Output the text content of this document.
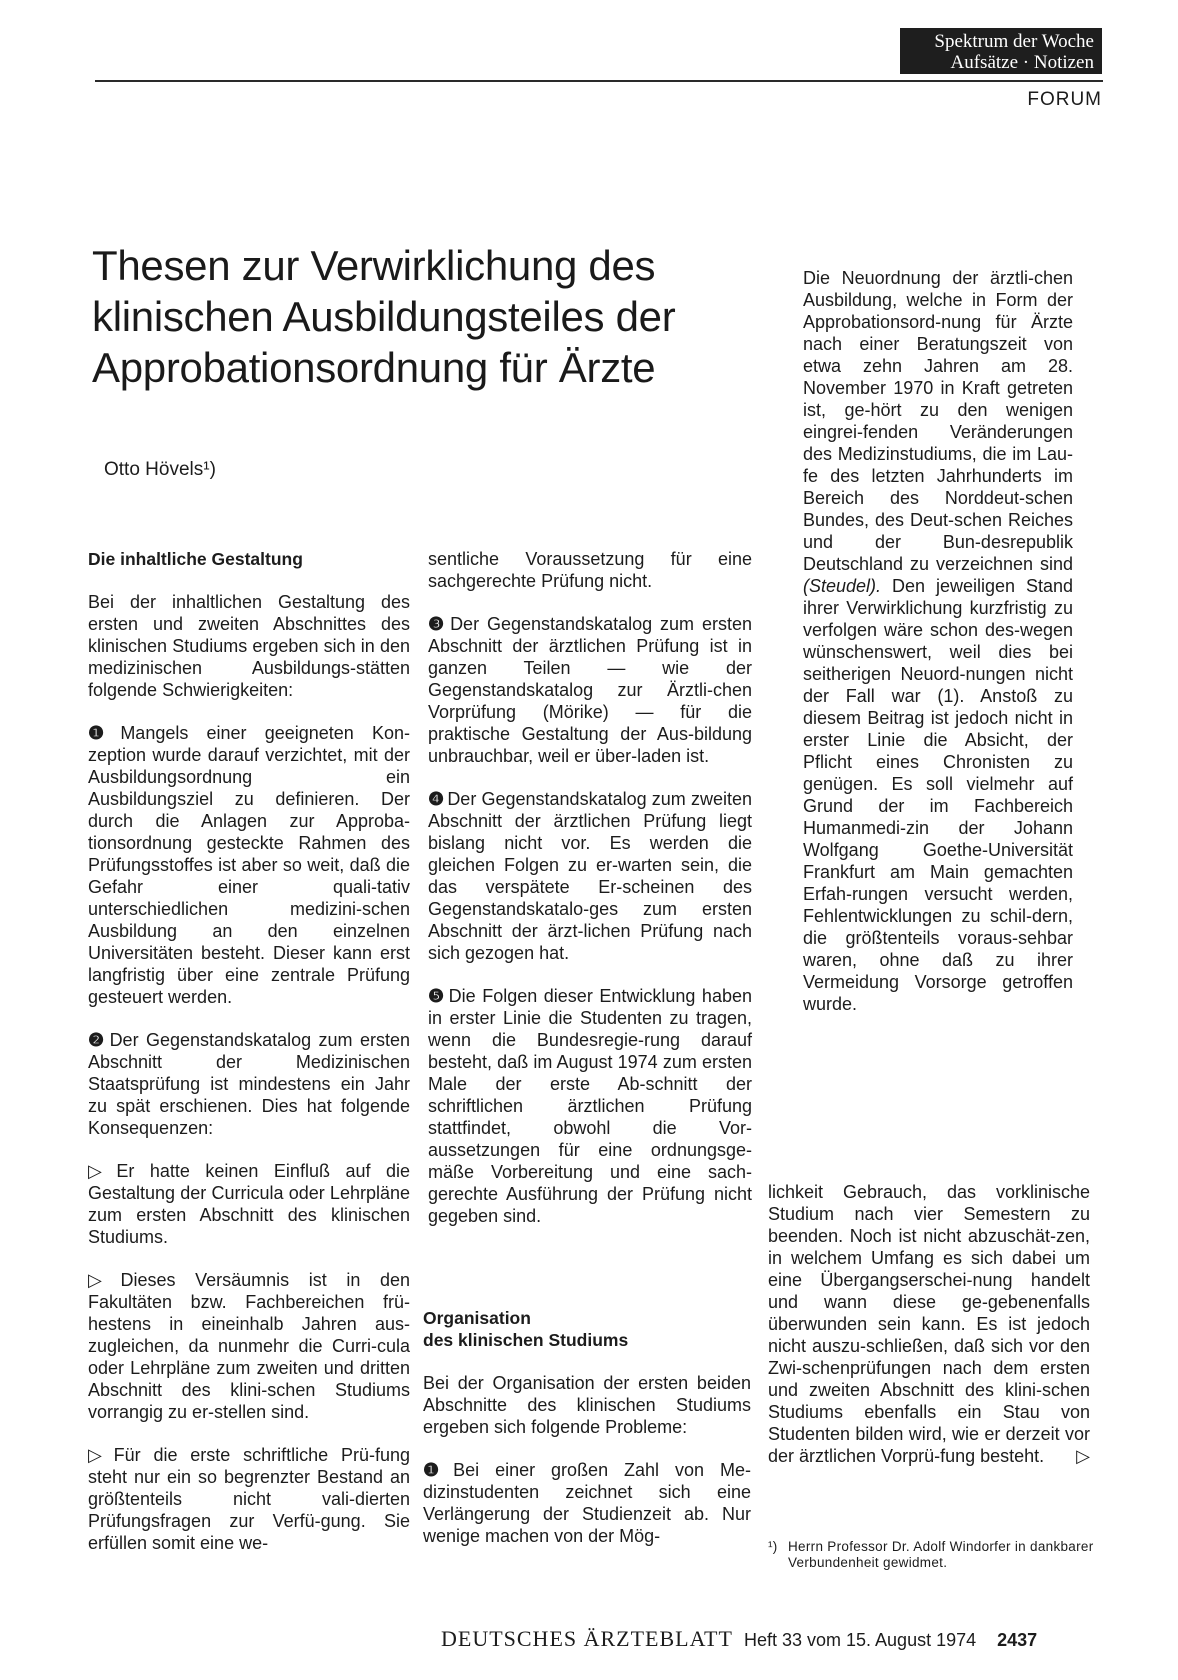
Spektrum der Woche
Aufsätze · Notizen
FORUM
Thesen zur Verwirklichung des
klinischen Ausbildungsteiles der
Approbationsordnung für Ärzte
Otto Hövels¹)
Die inhaltliche Gestaltung

Bei der inhaltlichen Gestaltung des ersten und zweiten Abschnittes des klinischen Studiums ergeben sich in den medizinischen Ausbildungs-stätten folgende Schwierigkeiten:

❶ Mangels einer geeigneten Kon-zeption wurde darauf verzichtet, mit der Ausbildungsordnung ein Ausbildungsziel zu definieren. Der durch die Anlagen zur Approba-tionsordnung gesteckte Rahmen des Prüfungsstoffes ist aber so weit, daß die Gefahr einer quali-tativ unterschiedlichen medizini-schen Ausbildung an den einzelnen Universitäten besteht. Dieser kann erst langfristig über eine zentrale Prüfung gesteuert werden.

❷ Der Gegenstandskatalog zum ersten Abschnitt der Medizinischen Staatsprüfung ist mindestens ein Jahr zu spät erschienen. Dies hat folgende Konsequenzen:

▷ Er hatte keinen Einfluß auf die Gestaltung der Curricula oder Lehrpläne zum ersten Abschnitt des klinischen Studiums.

▷ Dieses Versäumnis ist in den Fakultäten bzw. Fachbereichen frü-hestens in eineinhalb Jahren aus-zugleichen, da nunmehr die Curri-cula oder Lehrpläne zum zweiten und dritten Abschnitt des klini-schen Studiums vorrangig zu er-stellen sind.

▷ Für die erste schriftliche Prü-fung steht nur ein so begrenzter Bestand an größtenteils nicht vali-dierten Prüfungsfragen zur Verfü-gung. Sie erfüllen somit eine we-

sentliche Voraussetzung für eine sachgerechte Prüfung nicht.

❸ Der Gegenstandskatalog zum ersten Abschnitt der ärztlichen Prüfung ist in ganzen Teilen — wie der Gegenstandskatalog zur Ärztli-chen Vorprüfung (Mörike) — für die praktische Gestaltung der Aus-bildung unbrauchbar, weil er über-laden ist.

❹ Der Gegenstandskatalog zum zweiten Abschnitt der ärztlichen Prüfung liegt bislang nicht vor. Es werden die gleichen Folgen zu er-warten sein, die das verspätete Er-scheinen des Gegenstandskatalo-ges zum ersten Abschnitt der ärzt-lichen Prüfung nach sich gezogen hat.

❺ Die Folgen dieser Entwicklung haben in erster Linie die Studenten zu tragen, wenn die Bundesregie-rung darauf besteht, daß im August 1974 zum ersten Male der erste Ab-schnitt der schriftlichen ärztlichen Prüfung stattfindet, obwohl die Vor-aussetzungen für eine ordnungsge-mäße Vorbereitung und eine sach-gerechte Ausführung der Prüfung nicht gegeben sind.

Organisation
des klinischen Studiums

Bei der Organisation der ersten beiden Abschnitte des klinischen Studiums ergeben sich folgende Probleme:

❶ Bei einer großen Zahl von Me-dizinstudenten zeichnet sich eine Verlängerung der Studienzeit ab. Nur wenige machen von der Mög-

Die Neuordnung der ärztli-chen Ausbildung, welche in Form der Approbationsord-nung für Ärzte nach einer Beratungszeit von etwa zehn Jahren am 28. November 1970 in Kraft getreten ist, ge-hört zu den wenigen eingrei-fenden Veränderungen des Medizinstudiums, die im Lau-fe des letzten Jahrhunderts im Bereich des Norddeut-schen Bundes, des Deut-schen Reiches und der Bun-desrepublik Deutschland zu verzeichnen sind (Steudel). Den jeweiligen Stand ihrer Verwirklichung kurzfristig zu verfolgen wäre schon des-wegen wünschenswert, weil dies bei seitherigen Neuord-nungen nicht der Fall war (1). Anstoß zu diesem Beitrag ist jedoch nicht in erster Linie die Absicht, der Pflicht eines Chronisten zu genügen. Es soll vielmehr auf Grund der im Fachbereich Humanmedi-zin der Johann Wolfgang Goethe-Universität Frankfurt am Main gemachten Erfah-rungen versucht werden, Fehlentwicklungen zu schil-dern, die größtenteils voraus-sehbar waren, ohne daß zu ihrer Vermeidung Vorsorge getroffen wurde.

lichkeit Gebrauch, das vorklinische Studium nach vier Semestern zu beenden. Noch ist nicht abzuschät-zen, in welchem Umfang es sich dabei um eine Übergangserschei-nung handelt und wann diese ge-gebenenfalls überwunden sein kann. Es ist jedoch nicht auszu-schließen, daß sich vor den Zwi-schenprüfungen nach dem ersten und zweiten Abschnitt des klini-schen Studiums ebenfalls ein Stau von Studenten bilden wird, wie er derzeit vor der ärztlichen Vorprü-fung besteht. ▷

¹) Herrn Professor Dr. Adolf Windorfer in dankbarer Verbundenheit gewidmet.
DEUTSCHES ÄRZTEBLATT Heft 33 vom 15. August 1974 2437
